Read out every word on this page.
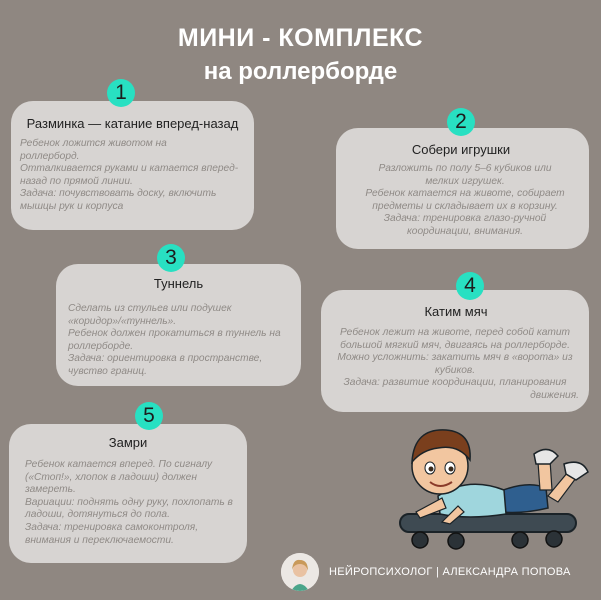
МИНИ - КОМПЛЕКС
на роллерборде
Разминка — катание вперед-назад
Ребенок ложится животом на
роллерборд.
Отталкивается руками и катается вперед-
назад по прямой линии.
Задача: почувствовать доску, включить
мышцы рук и корпуса
1
Собери игрушки
Разложить по полу 5–6 кубиков или
мелких игрушек.
Ребенок катается на животе, собирает
предметы и складывает их в корзину.
Задача: тренировка глазо-ручной
координации, внимания.
2
Туннель
Сделать из стульев или подушек
«коридор»/«туннель».
Ребенок должен прокатиться в туннель на
роллерборде.
Задача: ориентировка в пространстве,
чувство границ.
3
Катим мяч
Ребенок лежит на животе, перед собой катит
большой мягкий мяч, двигаясь на роллерборде.
Можно усложнить: закатить мяч в «ворота» из
кубиков.
Задача: развитие координации, планирования
движения.
4
Замри
Ребенок катается вперед. По сигналу
(«Стоп!», хлопок в ладоши) должен
замереть.
Вариации: поднять одну руку, похлопать в
ладоши, дотянуться до пола.
Задача: тренировка самоконтроля,
внимания и переключаемости.
5
НЕЙРОПСИХОЛОГ | АЛЕКСАНДРА ПОПОВА
